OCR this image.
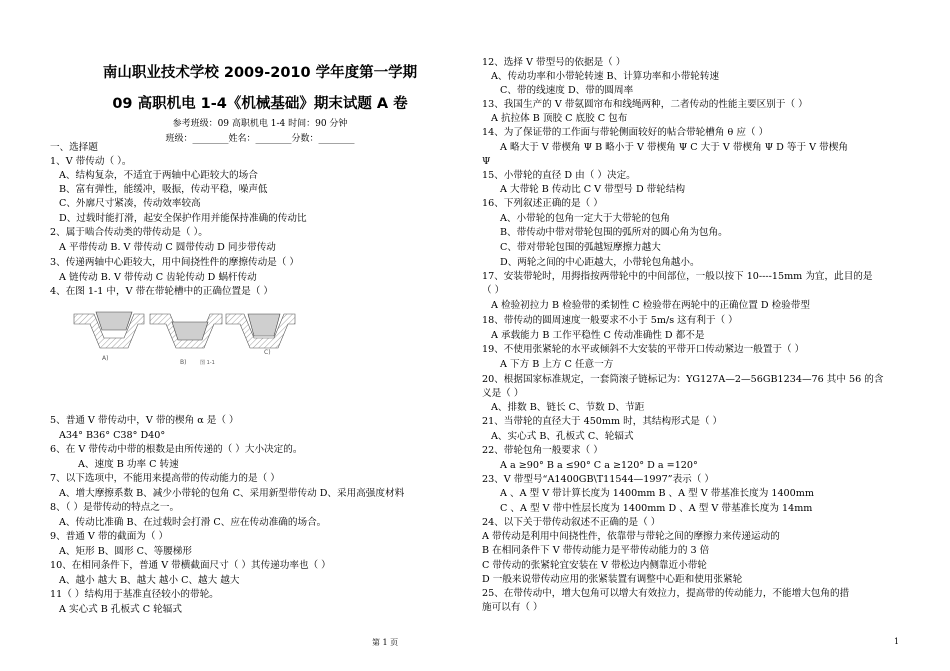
南山职业技术学校 2009-2010 学年度第一学期
09 高职机电 1-4《机械基础》期末试题 A 卷
参考班级：09 高职机电 1-4 时间：90 分钟
班级：________姓名：________分数：________
一、选择题
1、V 带传动（ ）。
A、结构复杂，不适宜于两轴中心距较大的场合
B、富有弹性，能缓冲，吸振，传动平稳，噪声低
C、外廓尺寸紧凑，传动效率较高
D、过载时能打滑，起安全保护作用并能保持准确的传动比
2、属于啮合传动类的带传动是（ ）。
A 平带传动 B. V 带传动 C 圆带传动 D 同步带传动
3、传递两轴中心距较大，用中间挠性件的摩擦传动是（ ）
A 链传动 B. V 带传动 C 齿轮传动 D 蜗杆传动
4、在图 1-1 中，V 带在带轮槽中的正确位置是（ ）
5、普通 V 带传动中，V 带的楔角 α 是（ ）
A34° B36° C38° D40°
6、在 V 带传动中带的根数是由所传递的（ ）大小决定的。
A、速度 B 功率 C 转速
7、以下选项中，不能用来提高带的传动能力的是（ ）
A、增大摩擦系数 B、减少小带轮的包角 C、采用新型带传动 D、采用高强度材料
8、（ ）是带传动的特点之一。
A、传动比准确 B、在过载时会打滑 C、应在传动准确的场合。
9、普通 V 带的截面为（ ）
A、矩形 B、圆形 C、等腰梯形
10、在相同条件下，普通 V 带横截面尺寸（ ）其传递功率也（ ）
A、越小 越大 B、越大 越小 C、越大 越大
11（ ）结构用于基准直径较小的带轮。
A 实心式 B 孔板式 C 轮辐式
A)
B)	图 1-1
C)
12、选择 V 带型号的依据是（ ）
A、传动功率和小带轮转速 B、计算功率和小带轮转速
C、带的线速度 D、带的圆周率
13、我国生产的 V 带氨圆帘布和线绳两种，二者传动的性能主要区别于（ ）
A 抗拉体 B 顶胶 C 底胶 C 包布
14、为了保证带的工作面与带轮侧面较好的帖合带轮槽角 θ 应（ ）
A 略大于 V 带楔角 Ψ B 略小于 V 带楔角 Ψ C 大于 V 带楔角 Ψ D 等于 V 带楔角
Ψ
15、小带轮的直径 D 由（ ）决定。
A 大带轮 B 传动比 C V 带型号 D 带轮结构
16、下列叙述正确的是（ ）
A、小带轮的包角一定大于大带轮的包角
B、带传动中带对带轮包围的弧所对的圆心角为包角。
C、带对带轮包围的弧越短摩擦力越大
D、两轮之间的中心距越大，小带轮包角越小。
17、安装带轮时，用拇指按两带轮中的中间部位，一般以按下 10----15mm 为宜，此目的是
（ ）
A 检验初拉力 B 检验带的柔韧性 C 检验带在两轮中的正确位置 D 检验带型
18、带传动的圆周速度一般要求不小于 5m/s 这有利于（ ）
A 承载能力 B 工作平稳性 C 传动准确性 D 都不是
19、不使用张紧轮的水平或倾斜不大安装的平带开口传动紧边一般置于（ ）
A 下方 B 上方 C 任意一方
20、根据国家标准规定，一套筒滚子链标记为：YG127A—2—56GB1234—76 其中 56 的含
义是（ ）
A、排数 B、链长 C、节数 D、节距
21、当带轮的直径大于 450mm 时，其结构形式是（ ）
A、实心式 B、孔板式 C、轮辐式
22、带轮包角一般要求（ ）
A a ≥90° B a ≤90° C a ≥120° D a =120°
23、V 带型号“A1400GB\T11544—1997”表示（ ）
A 、A 型 V 带计算长度为 1400mm B 、A 型 V 带基准长度为 1400mm
C 、A 型 V 带中性层长度为 1400mm D 、A 型 V 带基准长度为 14mm
24、以下关于带传动叙述不正确的是（ ）
A 带传动是利用中间挠性件，依靠带与带轮之间的摩擦力来传递运动的
B 在相同条件下 V 带传动能力是平带传动能力的 3 倍
C 带传动的张紧轮宜安装在 V 带松边内侧靠近小带轮
D 一般来说带传动应用的张紧装置有调整中心距和使用张紧轮
25、在带传动中，增大包角可以增大有效拉力，提高带的传动能力，不能增大包角的措
施可以有（ ）
第 1 页	1
